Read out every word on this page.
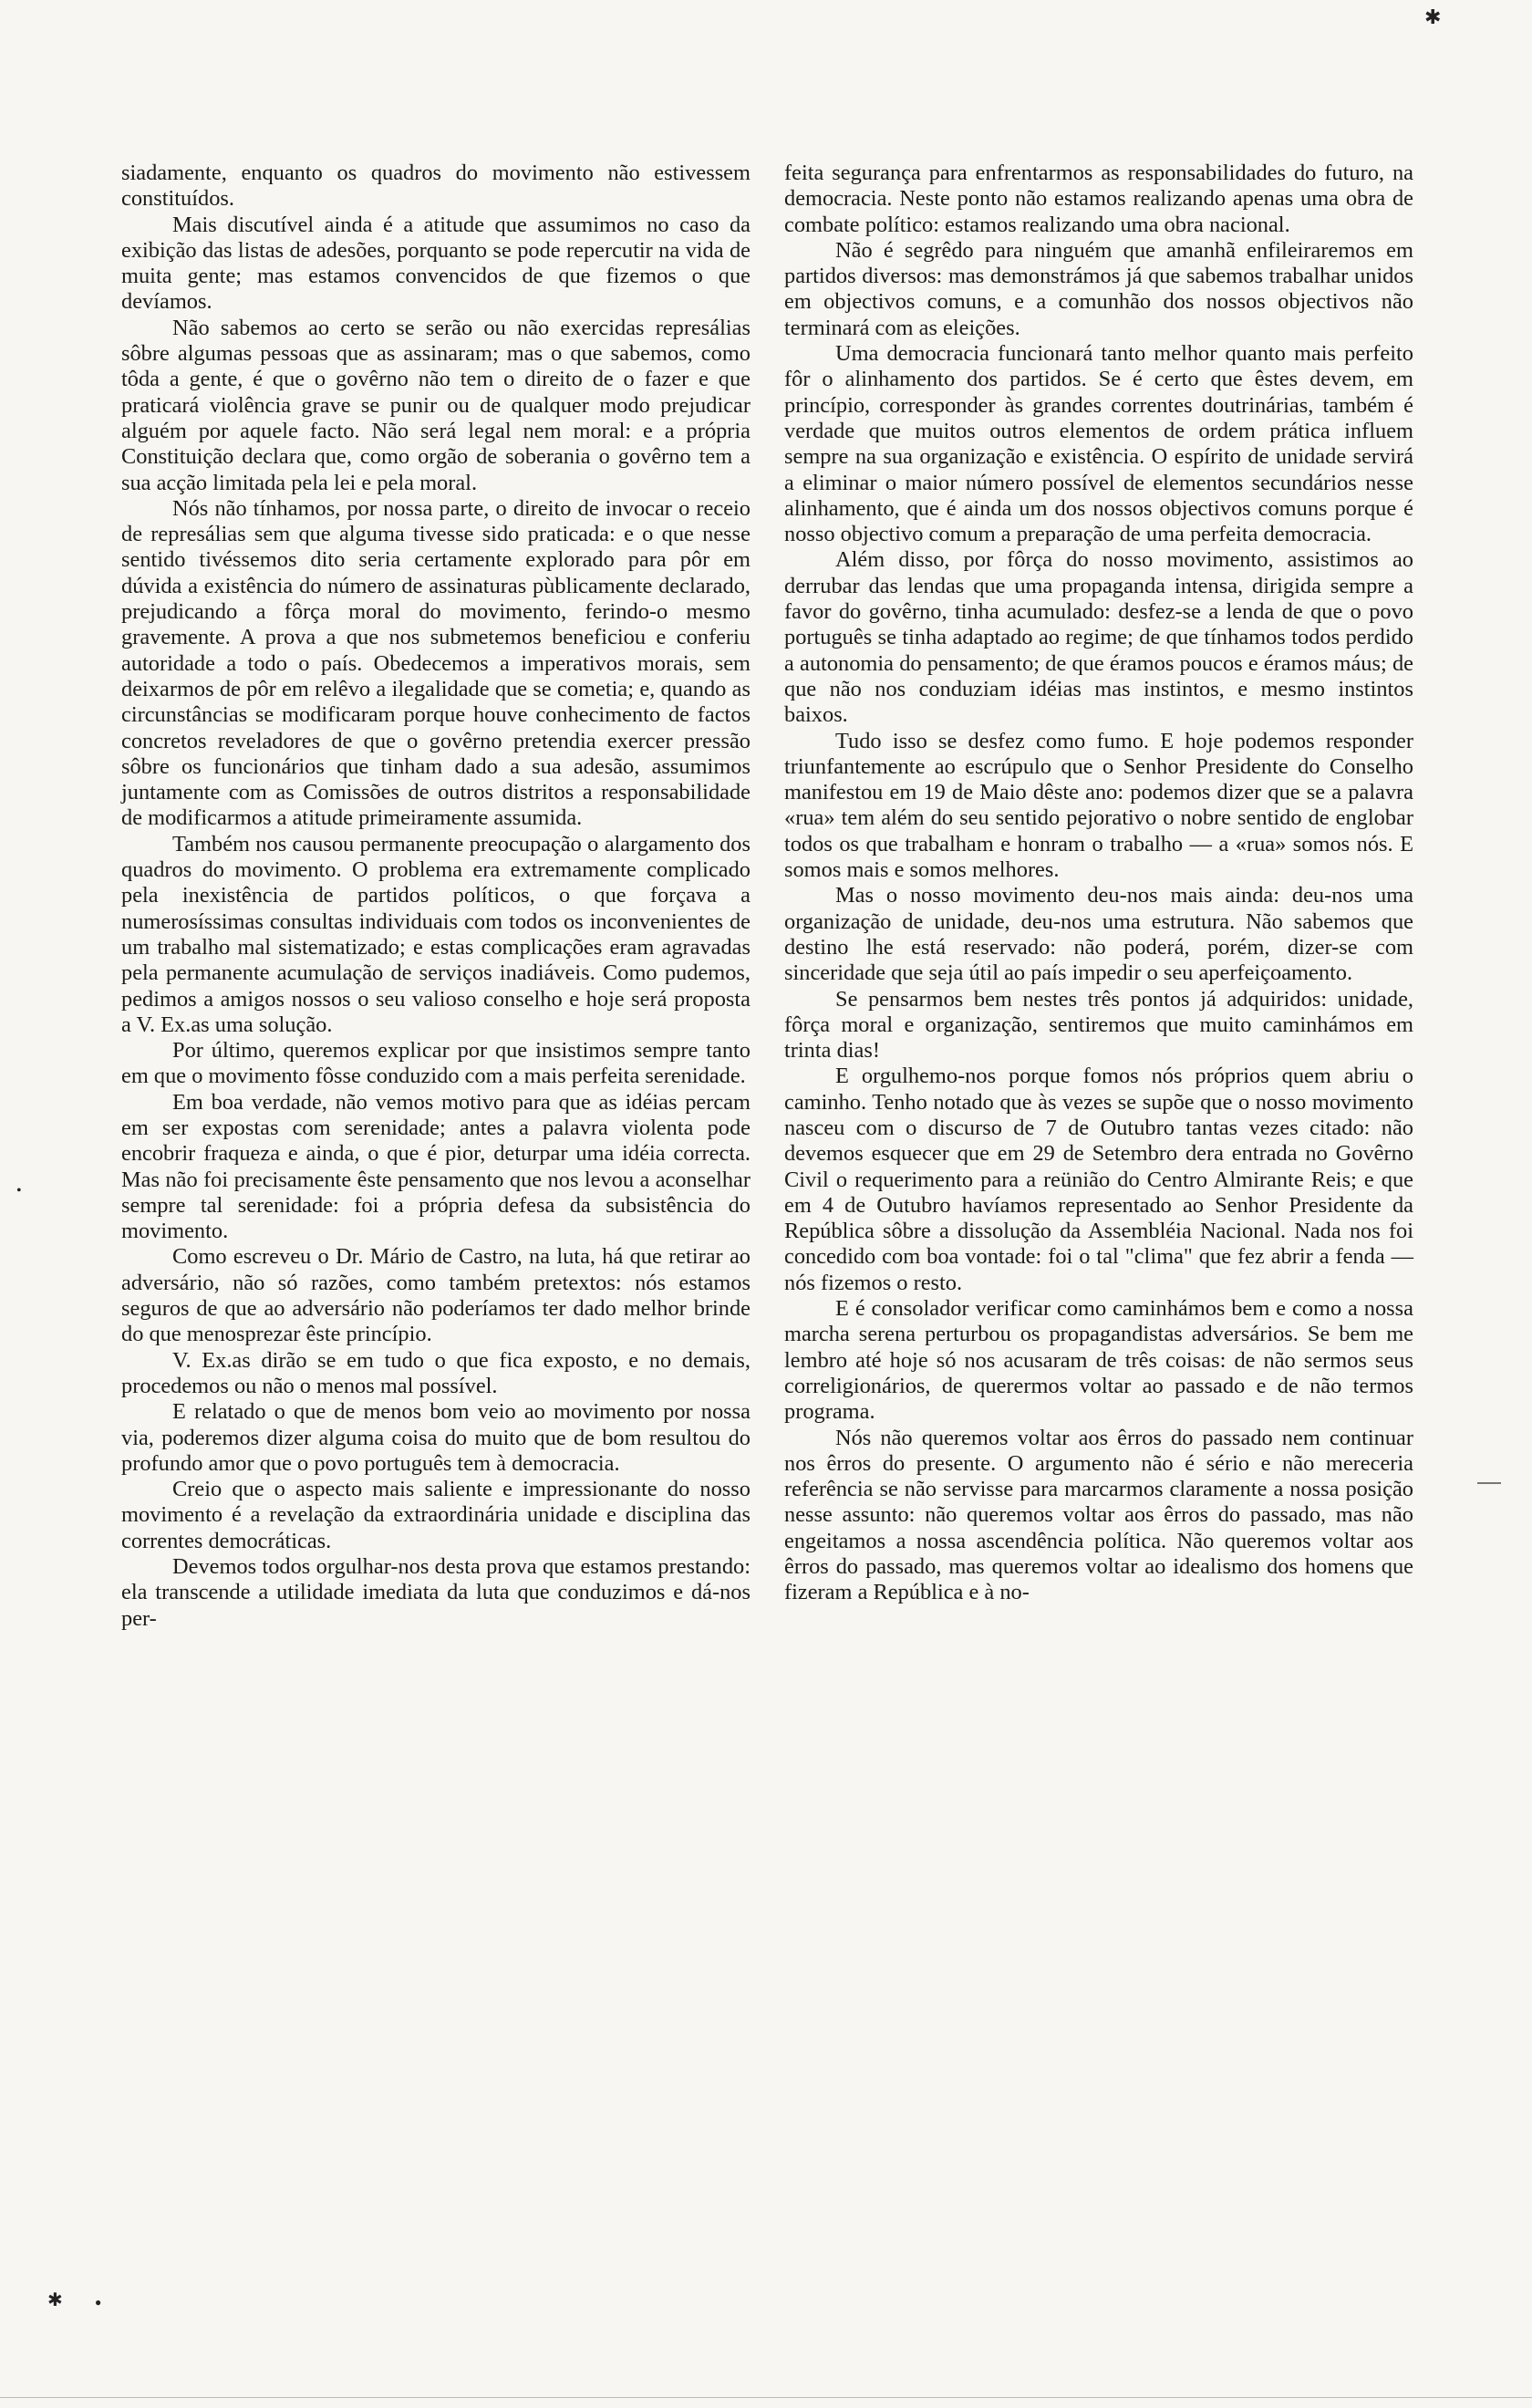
siadamente, enquanto os quadros do movimento não estivessem constituídos.

Mais discutível ainda é a atitude que assumimos no caso da exibição das listas de adesões, porquanto se pode repercutir na vida de muita gente; mas estamos convencidos de que fizemos o que devíamos.

Não sabemos ao certo se serão ou não exercidas represálias sôbre algumas pessoas que as assinaram; mas o que sabemos, como tôda a gente, é que o govêrno não tem o direito de o fazer e que praticará violência grave se punir ou de qualquer modo prejudicar alguém por aquele facto. Não será legal nem moral: e a própria Constituição declara que, como orgão de soberania o govêrno tem a sua acção limitada pela lei e pela moral.

Nós não tínhamos, por nossa parte, o direito de invocar o receio de represálias sem que alguma tivesse sido praticada: e o que nesse sentido tivéssemos dito seria certamente explorado para pôr em dúvida a existência do número de assinaturas pùblicamente declarado, prejudicando a fôrça moral do movimento, ferindo-o mesmo gravemente. A prova a que nos submetemos beneficiou e conferiu autoridade a todo o país. Obedecemos a imperativos morais, sem deixarmos de pôr em relêvo a ilegalidade que se cometia; e, quando as circunstâncias se modificaram porque houve conhecimento de factos concretos reveladores de que o govêrno pretendia exercer pressão sôbre os funcionários que tinham dado a sua adesão, assumimos juntamente com as Comissões de outros distritos a responsabilidade de modificarmos a atitude primeiramente assumida.

Também nos causou permanente preocupação o alargamento dos quadros do movimento. O problema era extremamente complicado pela inexistência de partidos políticos, o que forçava a numerosíssimas consultas individuais com todos os inconvenientes de um trabalho mal sistematizado; e estas complicações eram agravadas pela permanente acumulação de serviços inadiáveis. Como pudemos, pedimos a amigos nossos o seu valioso conselho e hoje será proposta a V. Ex.as uma solução.

Por último, queremos explicar por que insistimos sempre tanto em que o movimento fôsse conduzido com a mais perfeita serenidade.

Em boa verdade, não vemos motivo para que as idéias percam em ser expostas com serenidade; antes a palavra violenta pode encobrir fraqueza e ainda, o que é pior, deturpar uma idéia correcta. Mas não foi precisamente êste pensamento que nos levou a aconselhar sempre tal serenidade: foi a própria defesa da subsistência do movimento.

Como escreveu o Dr. Mário de Castro, na luta, há que retirar ao adversário, não só razões, como também pretextos: nós estamos seguros de que ao adversário não poderíamos ter dado melhor brinde do que menosprezar êste princípio.

V. Ex.as dirão se em tudo o que fica exposto, e no demais, procedemos ou não o menos mal possível.

E relatado o que de menos bom veio ao movimento por nossa via, poderemos dizer alguma coisa do muito que de bom resultou do profundo amor que o povo português tem à democracia.

Creio que o aspecto mais saliente e impressionante do nosso movimento é a revelação da extraordinária unidade e disciplina das correntes democráticas.

Devemos todos orgulhar-nos desta prova que estamos prestando: ela transcende a utilidade imediata da luta que conduzimos e dá-nos per-

feita segurança para enfrentarmos as responsabilidades do futuro, na democracia. Neste ponto não estamos realizando apenas uma obra de combate político: estamos realizando uma obra nacional.

Não é segrêdo para ninguém que amanhã enfileiraremos em partidos diversos: mas demonstrámos já que sabemos trabalhar unidos em objectivos comuns, e a comunhão dos nossos objectivos não terminará com as eleições.

Uma democracia funcionará tanto melhor quanto mais perfeito fôr o alinhamento dos partidos. Se é certo que êstes devem, em princípio, corresponder às grandes correntes doutrinárias, também é verdade que muitos outros elementos de ordem prática influem sempre na sua organização e existência. O espírito de unidade servirá a eliminar o maior número possível de elementos secundários nesse alinhamento, que é ainda um dos nossos objectivos comuns porque é nosso objectivo comum a preparação de uma perfeita democracia.

Além disso, por fôrça do nosso movimento, assistimos ao derrubar das lendas que uma propaganda intensa, dirigida sempre a favor do govêrno, tinha acumulado: desfez-se a lenda de que o povo português se tinha adaptado ao regime; de que tínhamos todos perdido a autonomia do pensamento; de que éramos poucos e éramos máus; de que não nos conduziam idéias mas instintos, e mesmo instintos baixos.

Tudo isso se desfez como fumo. E hoje podemos responder triunfantemente ao escrúpulo que o Senhor Presidente do Conselho manifestou em 19 de Maio dêste ano: podemos dizer que se a palavra «rua» tem além do seu sentido pejorativo o nobre sentido de englobar todos os que trabalham e honram o trabalho — a «rua» somos nós. E somos mais e somos melhores.

Mas o nosso movimento deu-nos mais ainda: deu-nos uma organização de unidade, deu-nos uma estrutura. Não sabemos que destino lhe está reservado: não poderá, porém, dizer-se com sinceridade que seja útil ao país impedir o seu aperfeiçoamento.

Se pensarmos bem nestes três pontos já adquiridos: unidade, fôrça moral e organização, sentiremos que muito caminhámos em trinta dias!

E orgulhemo-nos porque fomos nós próprios quem abriu o caminho. Tenho notado que às vezes se supõe que o nosso movimento nasceu com o discurso de 7 de Outubro tantas vezes citado: não devemos esquecer que em 29 de Setembro dera entrada no Govêrno Civil o requerimento para a reünião do Centro Almirante Reis; e que em 4 de Outubro havíamos representado ao Senhor Presidente da República sôbre a dissolução da Assembléia Nacional. Nada nos foi concedido com boa vontade: foi o tal "clima" que fez abrir a fenda — nós fizemos o resto.

E é consolador verificar como caminhámos bem e como a nossa marcha serena perturbou os propagandistas adversários. Se bem me lembro até hoje só nos acusaram de três coisas: de não sermos seus correligionários, de querermos voltar ao passado e de não termos programa.

Nós não queremos voltar aos êrros do passado nem continuar nos êrros do presente. O argumento não é sério e não mereceria referência se não servisse para marcarmos claramente a nossa posição nesse assunto: não queremos voltar aos êrros do passado, mas não engeitamos a nossa ascendência política. Não queremos voltar aos êrros do passado, mas queremos voltar ao idealismo dos homens que fizeram a República e à no-

✱
✱	●
•
